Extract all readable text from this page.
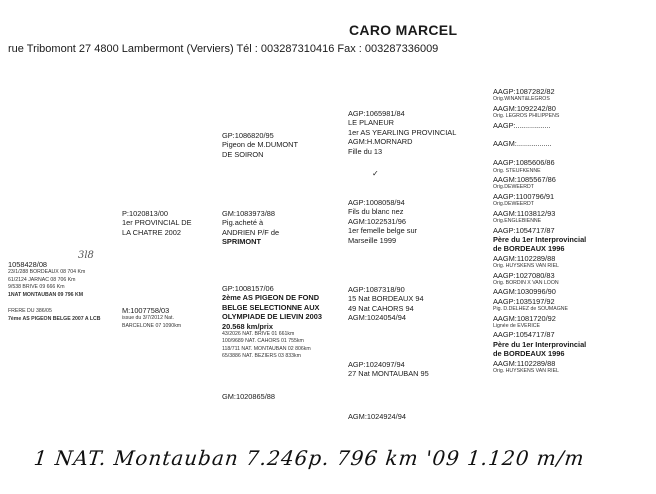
CARO MARCEL
rue Tribomont 27 4800 Lambermont (Verviers) Tél : 003287310416 Fax : 003287336009
1058428/08
23/1/288 BORDEAUX 08 704 Km
61/2124 JARNAC 08 706 Km
9/538 BRIVE 09 666 Km
1NAT MONTAUBAN 09 796 KM

FRERE DU 386/05
7ème AS PIGEON BELGE 2007 A LCB
3l8
P:1020813/00
1er PROVINCIAL DE
LA CHATRE 2002
M:1007758/03
issue du 3/7/2012 Nat.
BARCELONE 07 1090km
GP:1086820/95
Pigeon de M.DUMONT
DE SOIRON
GM:1083973/88
Pig.acheté à
ANDRIEN P/F de
SPRIMONT
GP:1008157/06
2ème AS PIGEON DE FOND
BELGE SELECTIONNE AUX
OLYMPIADE DE LIEVIN 2003
20.568 km/prix
43/2026 NAT. BRIVE 01 661km
100/9689 NAT. CAHORS 01 755km
118/711 NAT. MONTAUBAN 02 806km
65/3886 NAT. BEZIERS 03 833km
GM:1020865/88
AGP:1065981/84
LE PLANEUR
1er AS YEARLING PROVINCIAL
AGM:H.MORNARD
Fille du 13
✓
AGP:1008058/94
Fils du blanc nez
AGM:1022531/96
1er femelle belge sur
Marseille 1999
AGP:1087318/90
15 Nat BORDEAUX 94
49 Nat CAHORS 94
AGM:1024054/94
AGP:1024097/94
27 Nat MONTAUBAN 95
AGM:1024924/94
AAGP:1087282/82
Orig.WINANT&LEGROS
AAGM:1092242/80
Orig. LEGROS PHILIPPENS
AAGP:.................

AAGM:.................

AAGP:1085606/86
Orig. STEUFKENNE
AAGM:1085567/86
Orig.DEWEERDT
AAGP:1100796/91
Orig.DEWEERDT
AAGM:1103812/93
Orig.ENGLEBIENNE
AAGP:1054717/87
Père du 1er Interprovincial
de BORDEAUX 1996
AAGM:1102289/88
Orig. HUYSKENS VAN RIEL
AAGP:1027080/83
Orig. BORDIN X VAN LOON
AAGM:1030996/90
AAGP:1035197/92
Pig. D.DELHEZ de SOUMAGNE
AAGM:1081720/92
Lignée de EVERICE
AAGP:1054717/87
Père du 1er Interprovincial
de BORDEAUX 1996
AAGM:1102289/88
Orig. HUYSKENS VAN RIEL
1 NAT. Montauban 7.246p. 796 km '09 1.120 m/m
